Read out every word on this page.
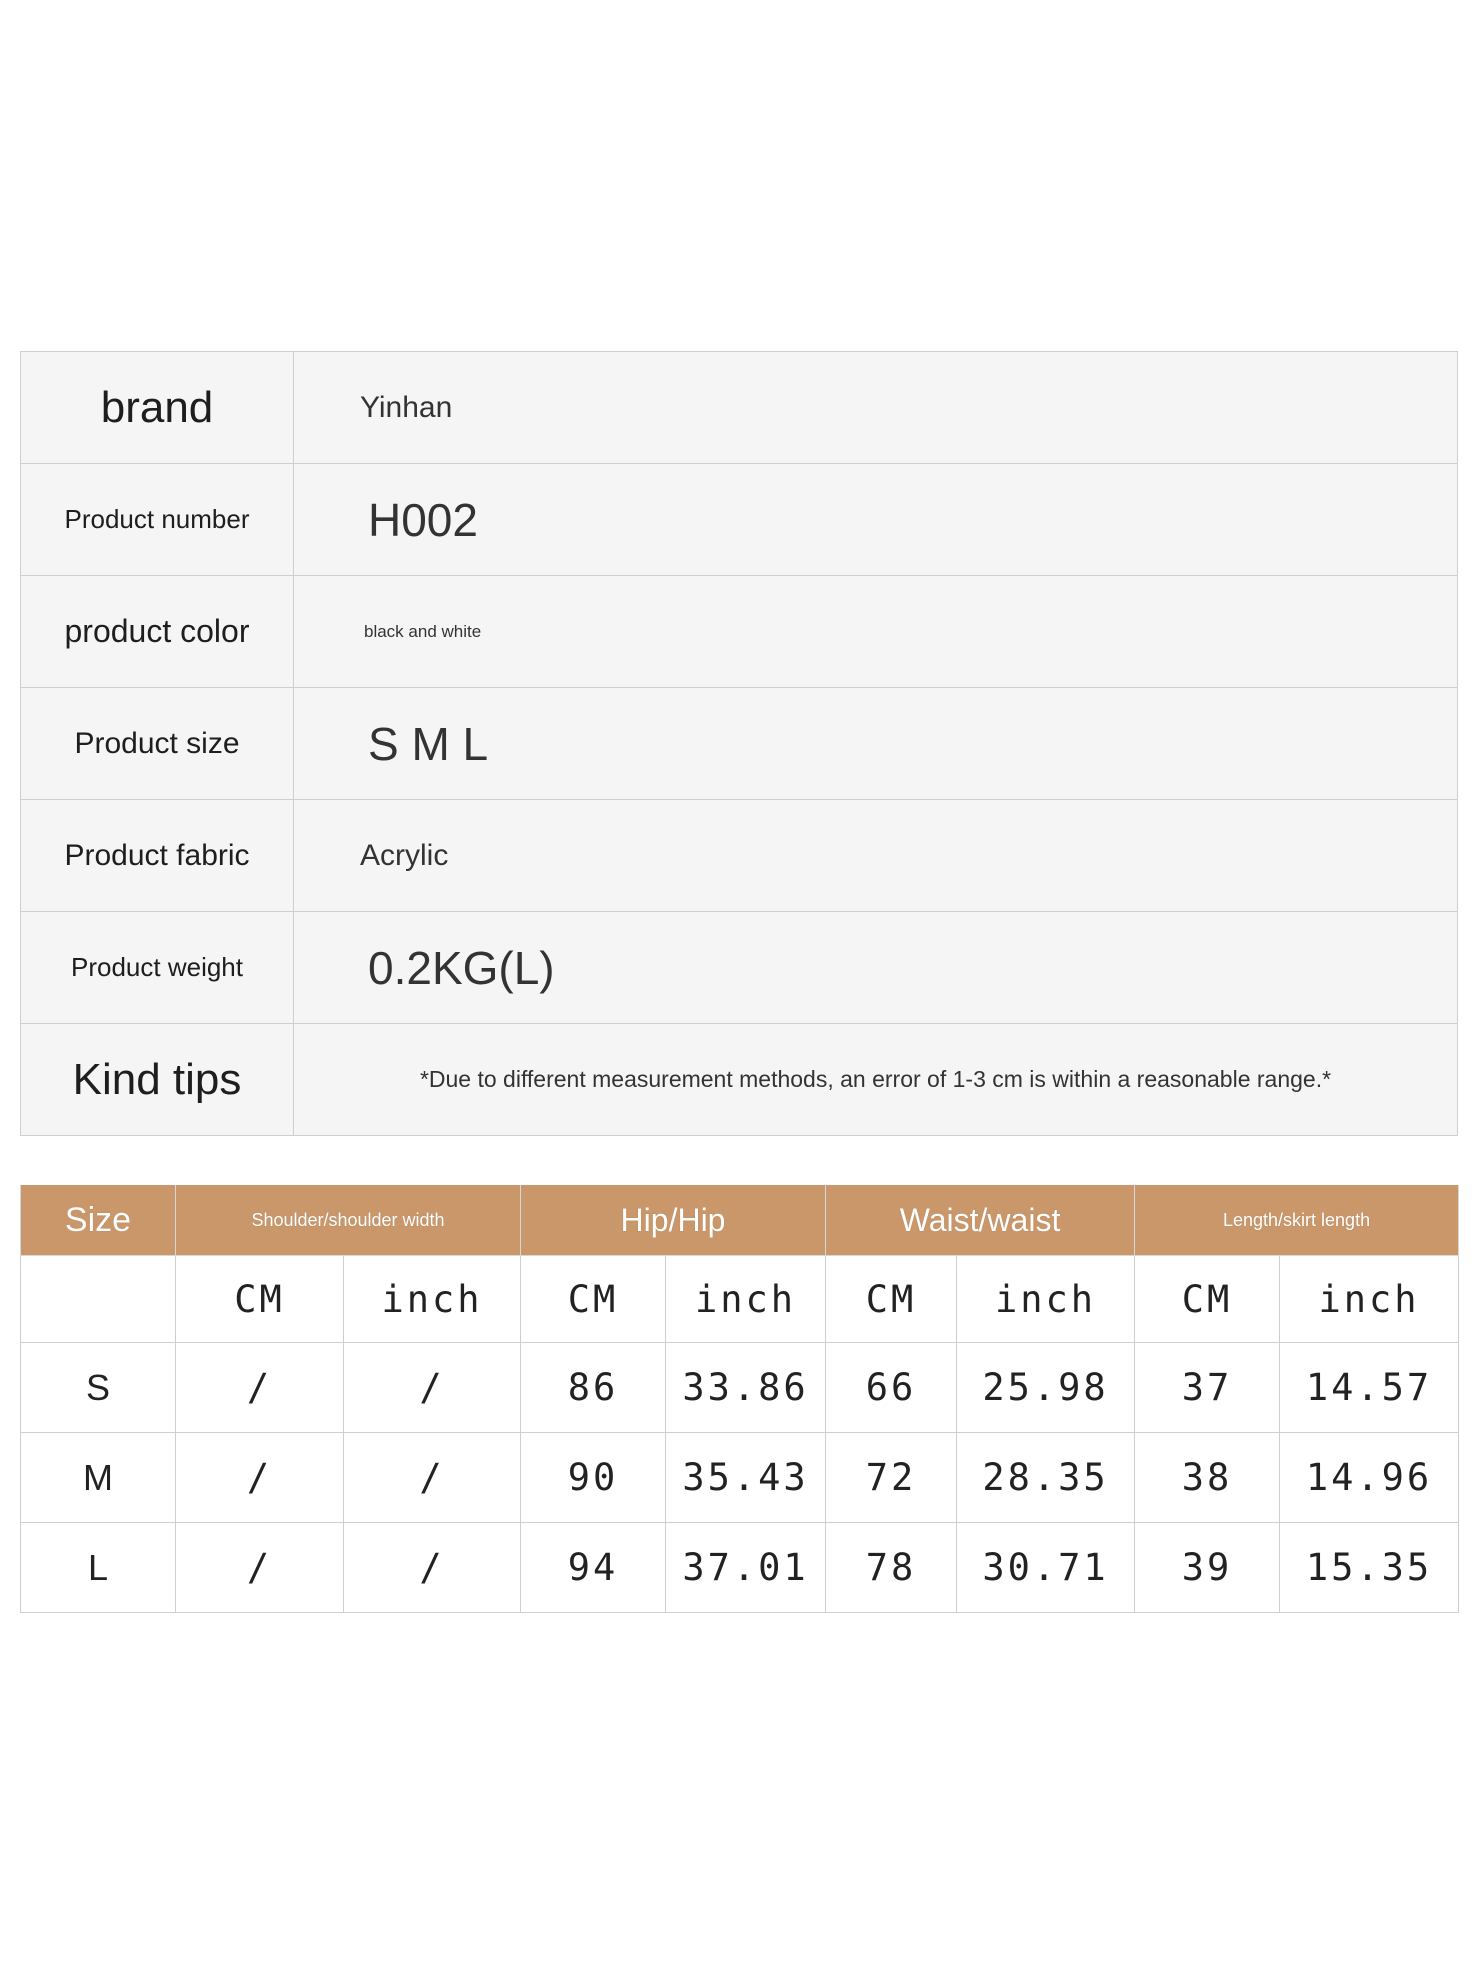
brand	Yinhan
Product number	H002
product color	black and white
Product size	S M L
Product fabric	Acrylic
Product weight	0.2KG(L)
Kind tips	*Due to different measurement methods, an error of 1-3 cm is within a reasonable range.*
Size	Shoulder/shoulder width		Hip/Hip		Waist/waist		Length/skirt length	
	CM	inch	CM	inch	CM	inch	CM	inch
S	/	/	86	33.86	66	25.98	37	14.57
M	/	/	90	35.43	72	28.35	38	14.96
L	/	/	94	37.01	78	30.71	39	15.35
